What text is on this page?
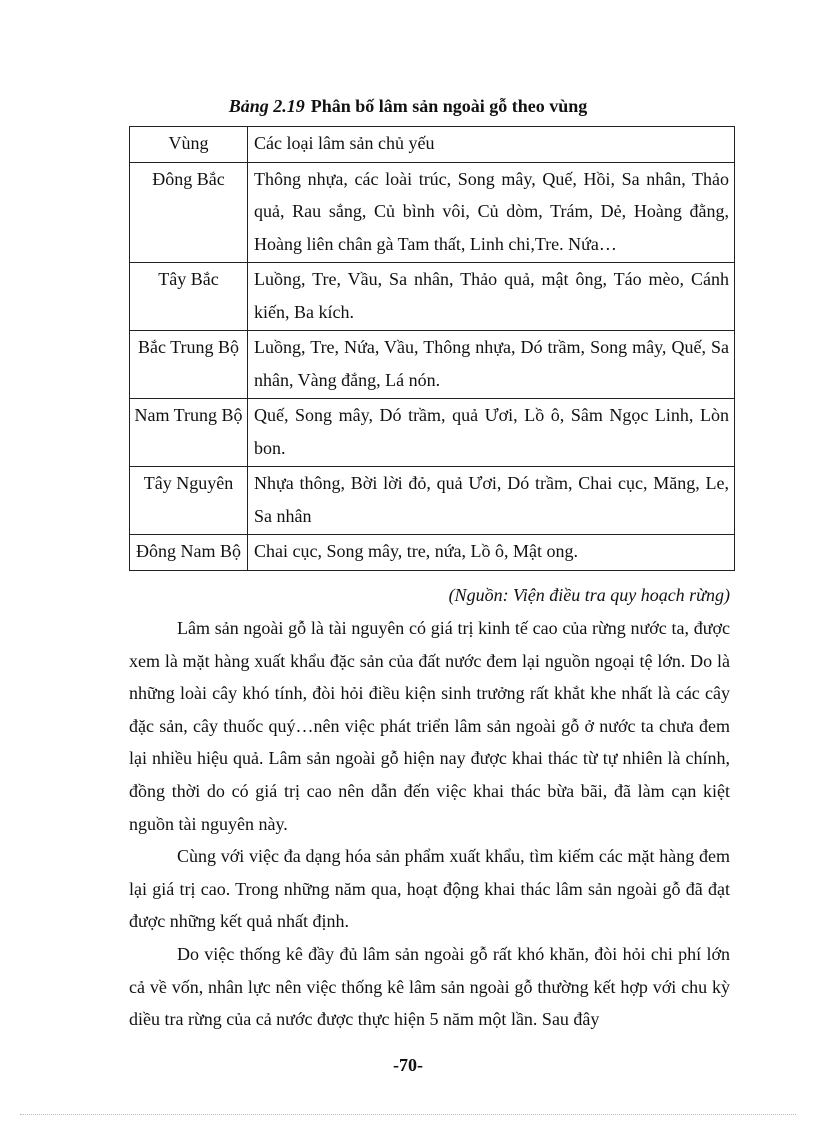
Bảng 2.19 Phân bố lâm sản ngoài gỗ theo vùng
Vùng	Các loại lâm sản chủ yếu
Đông Bắc	Thông nhựa, các loài trúc, Song mây, Quế, Hồi, Sa nhân, Thảo quả, Rau sắng, Củ bình vôi, Củ dòm, Trám, Dẻ, Hoàng đằng, Hoàng liên chân gà Tam thất, Linh chi,Tre. Nứa…
Tây Bắc	Luồng, Tre, Vầu, Sa nhân, Thảo quả, mật ông, Táo mèo, Cánh kiến, Ba kích.
Bắc Trung Bộ	Luồng, Tre, Nứa, Vầu, Thông nhựa, Dó trầm, Song mây, Quế, Sa nhân, Vàng đắng, Lá nón.
Nam Trung Bộ	Quế, Song mây, Dó trầm, quả Ươi, Lồ ô, Sâm Ngọc Linh, Lòn bon.
Tây Nguyên	Nhựa thông, Bời lời đỏ, quả Ươi, Dó trầm, Chai cục, Măng, Le, Sa nhân
Đông Nam Bộ	Chai cục, Song mây, tre, nứa, Lồ ô, Mật ong.
(Nguồn: Viện điều tra quy hoạch rừng)

Lâm sản ngoài gỗ là tài nguyên có giá trị kinh tế cao của rừng nước ta, được xem là mặt hàng xuất khẩu đặc sản của đất nước đem lại nguồn ngoại tệ lớn. Do là những loài cây khó tính, đòi hỏi điều kiện sinh trưởng rất khắt khe nhất là các cây đặc sản, cây thuốc quý…nên việc phát triển lâm sản ngoài gỗ ở nước ta chưa đem lại nhiều hiệu quả. Lâm sản ngoài gỗ hiện nay được khai thác từ tự nhiên là chính, đồng thời do có giá trị cao nên dẫn đến việc khai thác bừa bãi, đã làm cạn kiệt nguồn tài nguyên này.

Cùng với việc đa dạng hóa sản phẩm xuất khẩu, tìm kiếm các mặt hàng đem lại giá trị cao. Trong những năm qua, hoạt động khai thác lâm sản ngoài gỗ đã đạt được những kết quả nhất định.

Do việc thống kê đầy đủ lâm sản ngoài gỗ rất khó khăn, đòi hỏi chi phí lớn cả về vốn, nhân lực nên việc thống kê lâm sản ngoài gỗ thường kết hợp với chu kỳ diều tra rừng của cả nước được thực hiện 5 năm một lần. Sau đây

-70-
